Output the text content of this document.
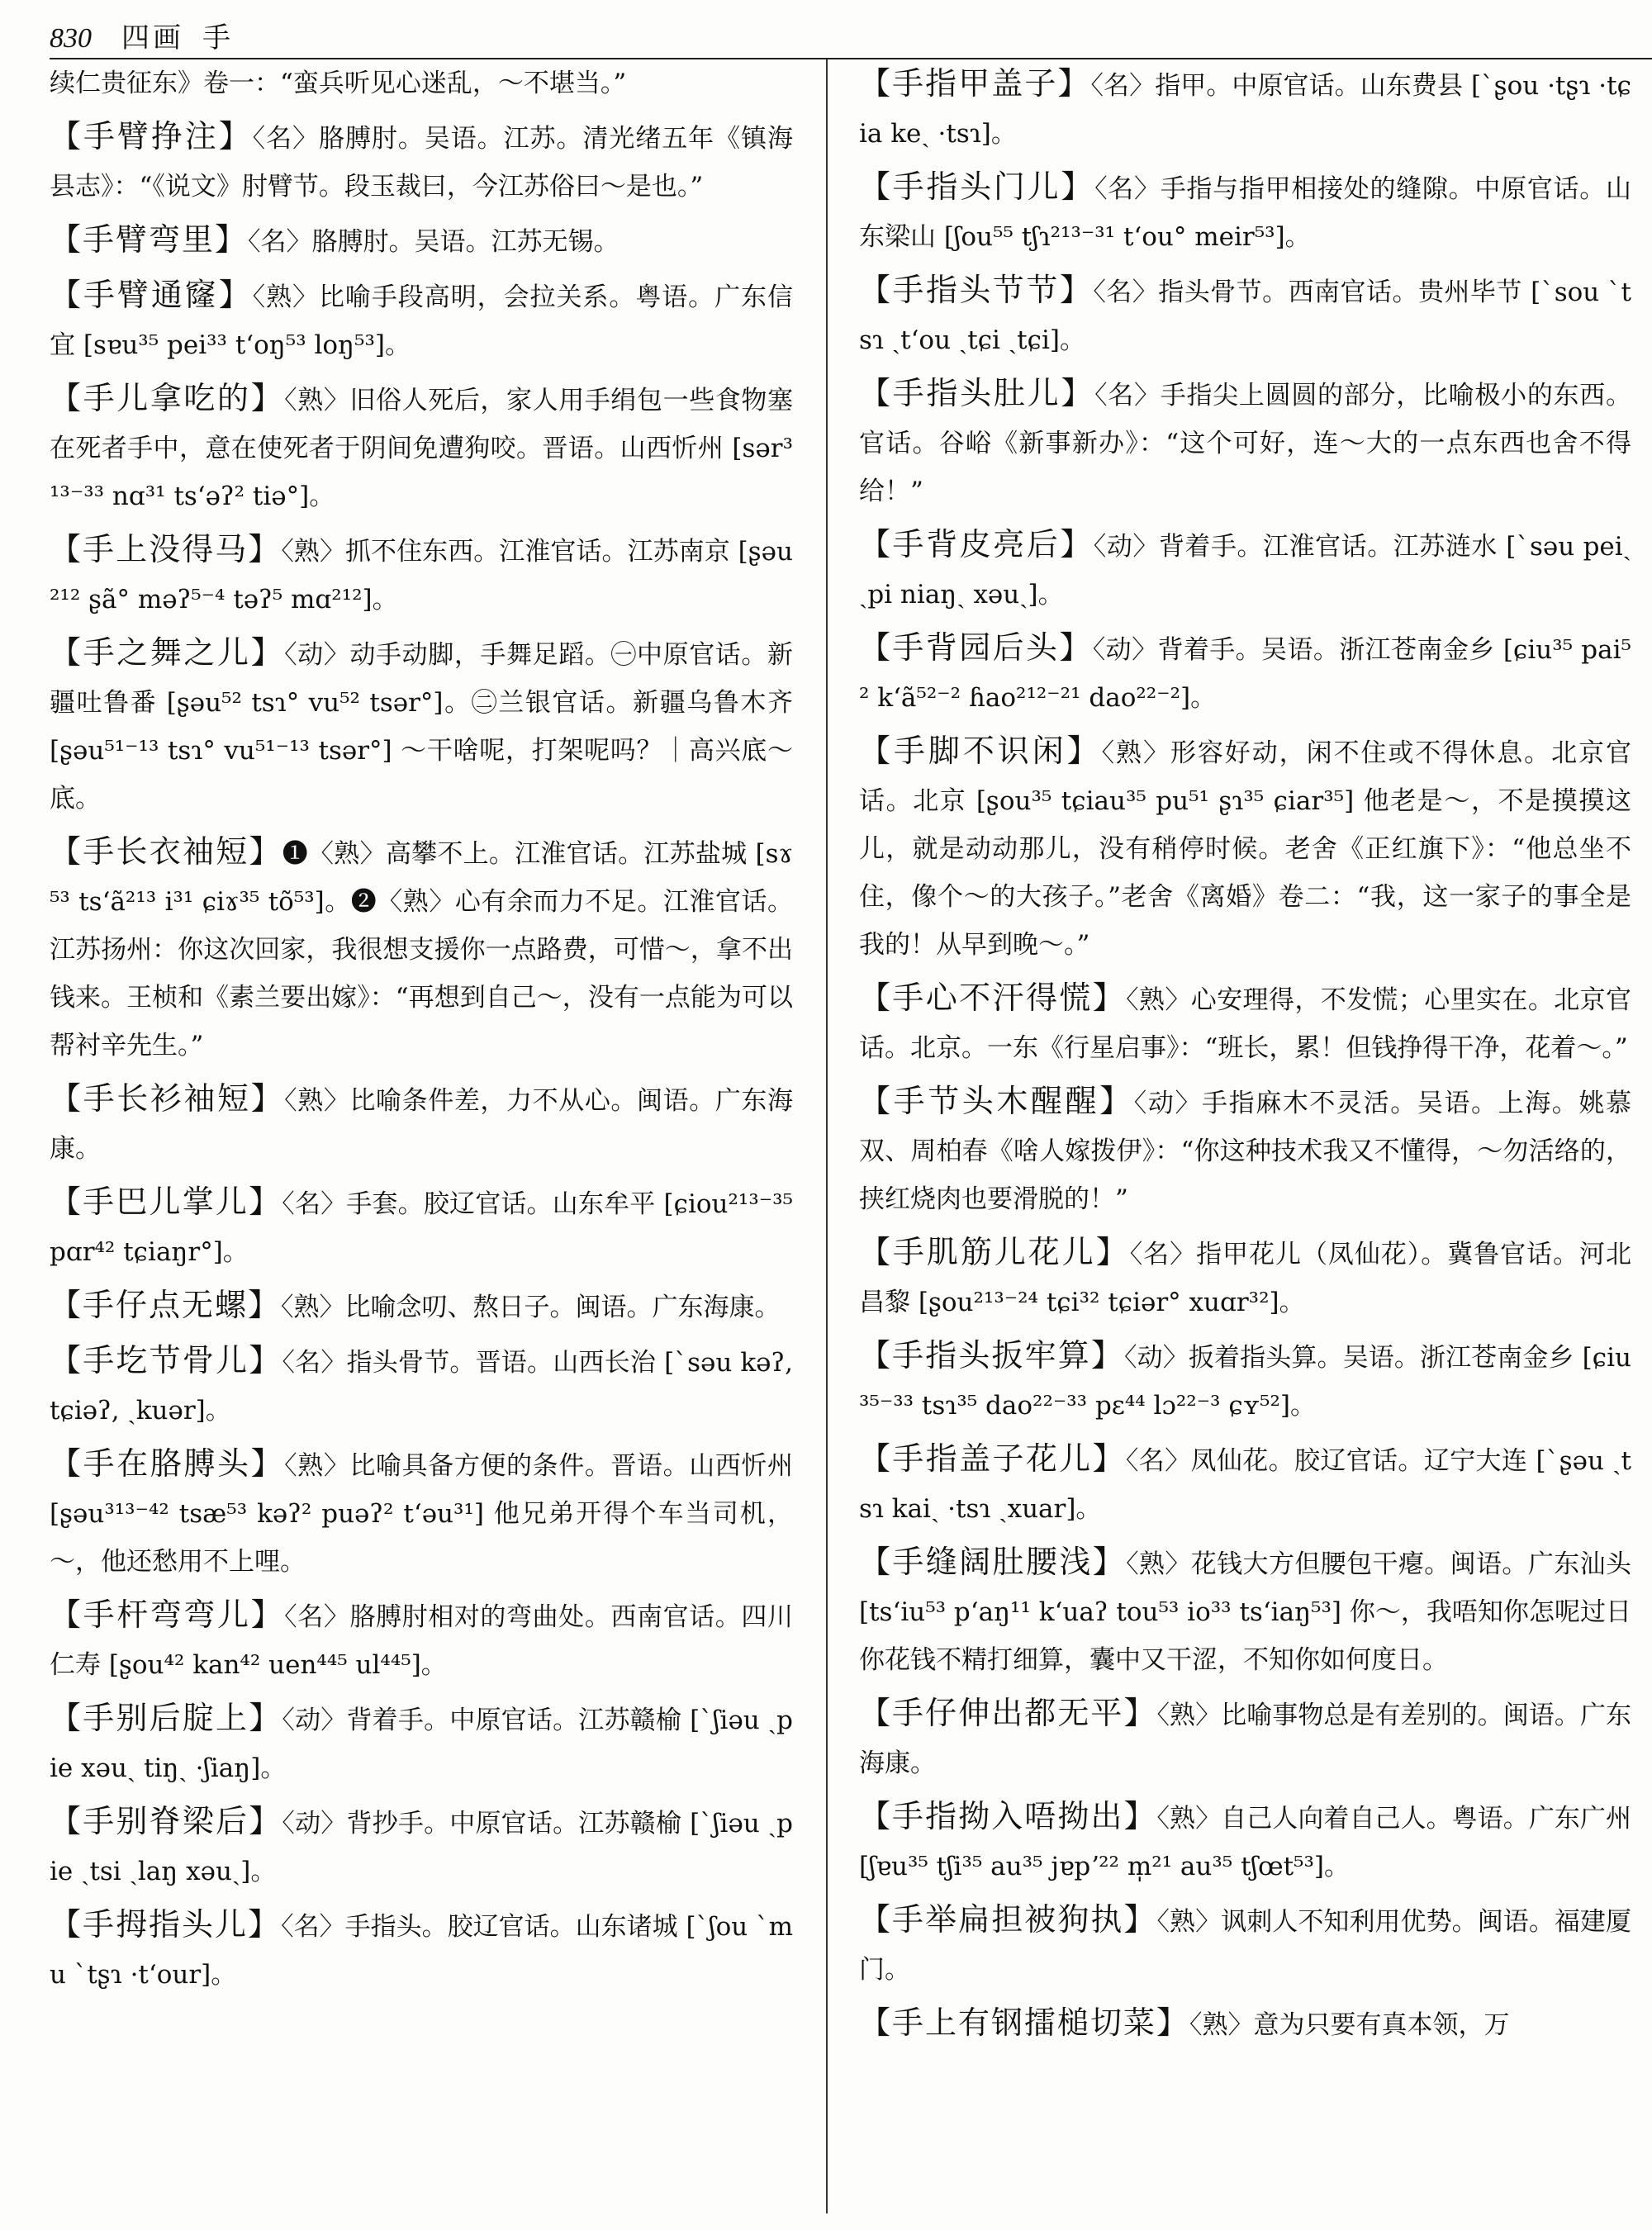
830 四画 手
续仁贵征东》卷一：“蛮兵听见心迷乱，～不堪当。”
【手臂挣注】〈名〉胳膊肘。吴语。江苏。清光绪五年《镇海县志》：“《说文》肘臂节。段玉裁曰，今江苏俗曰～是也。”
【手臂弯里】〈名〉胳膊肘。吴语。江苏无锡。
【手臂通窿】〈熟〉比喻手段高明，会拉关系。粤语。广东信宜 [sɐu³⁵ pei³³ tʻoŋ⁵³ loŋ⁵³]。
【手儿拿吃的】〈熟〉旧俗人死后，家人用手绢包一些食物塞在死者手中，意在使死者于阴间免遭狗咬。晋语。山西忻州 [sər³¹³⁻³³ nɑ³¹ tsʻəʔ² tiə°]。
【手上没得马】〈熟〉抓不住东西。江淮官话。江苏南京 [ʂəu²¹² ʂã° məʔ⁵⁻⁴ təʔ⁵ mɑ²¹²]。
【手之舞之儿】〈动〉动手动脚，手舞足蹈。㊀中原官话。新疆吐鲁番 [ʂəu⁵² tsɿ° vu⁵² tsər°]。㊁兰银官话。新疆乌鲁木齐 [ʂəu⁵¹⁻¹³ tsɿ° vu⁵¹⁻¹³ tsər°] ～干啥呢，打架呢吗？｜高兴底～底。
【手长衣袖短】❶〈熟〉高攀不上。江淮官话。江苏盐城 [sɤ⁵³ tsʻã²¹³ i³¹ ɕiɤ³⁵ tõ⁵³]。❷〈熟〉心有余而力不足。江淮官话。江苏扬州：你这次回家，我很想支援你一点路费，可惜～，拿不出钱来。王桢和《素兰要出嫁》：“再想到自己～，没有一点能为可以帮衬辛先生。”
【手长衫袖短】〈熟〉比喻条件差，力不从心。闽语。广东海康。
【手巴儿掌儿】〈名〉手套。胶辽官话。山东牟平 [ɕiou²¹³⁻³⁵ pɑr⁴² tɕiaŋr°]。
【手仔点无螺】〈熟〉比喻念叨、熬日子。闽语。广东海康。
【手圪节骨儿】〈名〉指头骨节。晋语。山西长治 [ˋsəu kəʔ, tɕiəʔ, ˏkuər]。
【手在胳膊头】〈熟〉比喻具备方便的条件。晋语。山西忻州 [ʂəu³¹³⁻⁴² tsæ⁵³ kəʔ² puəʔ² tʻəu³¹] 他兄弟开得个车当司机，～，他还愁用不上哩。
【手杆弯弯儿】〈名〉胳膊肘相对的弯曲处。西南官话。四川仁寿 [ʂou⁴² kan⁴² uen⁴⁴⁵ ul⁴⁴⁵]。
【手别后腚上】〈动〉背着手。中原官话。江苏赣榆 [ˋʃiəu ˏpie xəuˎ tiŋˎ ·ʃiaŋ]。
【手别脊梁后】〈动〉背抄手。中原官话。江苏赣榆 [ˋʃiəu ˏpie ˏtsi ˏlaŋ xəuˎ]。
【手拇指头儿】〈名〉手指头。胶辽官话。山东诸城 [ˋʃou ˋmu ˋtʂɿ ·tʻour]。
【手指甲盖子】〈名〉指甲。中原官话。山东费县 [ˋʂou ·tʂɿ ·tɕia keˎ ·tsɿ]。
【手指头门儿】〈名〉手指与指甲相接处的缝隙。中原官话。山东梁山 [ʃou⁵⁵ tʃɿ²¹³⁻³¹ tʻou° meir⁵³]。
【手指头节节】〈名〉指头骨节。西南官话。贵州毕节 [ˋsou ˋtsɿ ˏtʻou ˏtɕi ˏtɕi]。
【手指头肚儿】〈名〉手指尖上圆圆的部分，比喻极小的东西。官话。谷峪《新事新办》：“这个可好，连～大的一点东西也舍不得给！”
【手背皮亮后】〈动〉背着手。江淮官话。江苏涟水 [ˋsəu peiˎ ˏpi niaŋˎ xəuˎ]。
【手背园后头】〈动〉背着手。吴语。浙江苍南金乡 [ɕiu³⁵ pai⁵² kʻã⁵²⁻² ɦao²¹²⁻²¹ dao²²⁻²]。
【手脚不识闲】〈熟〉形容好动，闲不住或不得休息。北京官话。北京 [ʂou³⁵ tɕiau³⁵ pu⁵¹ ʂɿ³⁵ ɕiar³⁵] 他老是～，不是摸摸这儿，就是动动那儿，没有稍停时候。老舍《正红旗下》：“他总坐不住，像个～的大孩子。”老舍《离婚》卷二：“我，这一家子的事全是我的！从早到晚～。”
【手心不汗得慌】〈熟〉心安理得，不发慌；心里实在。北京官话。北京。一东《行星启事》：“班长，累！但钱挣得干净，花着～。”
【手节头木醒醒】〈动〉手指麻木不灵活。吴语。上海。姚慕双、周柏春《啥人嫁拨伊》：“你这种技术我又不懂得，～勿活络的，挟红烧肉也要滑脱的！”
【手肌筋儿花儿】〈名〉指甲花儿（凤仙花）。冀鲁官话。河北昌黎 [ʂou²¹³⁻²⁴ tɕi³² tɕiər° xuɑr³²]。
【手指头扳牢算】〈动〉扳着指头算。吴语。浙江苍南金乡 [ɕiu³⁵⁻³³ tsɿ³⁵ dao²²⁻³³ pɛ⁴⁴ lɔ²²⁻³ ɕʏ⁵²]。
【手指盖子花儿】〈名〉凤仙花。胶辽官话。辽宁大连 [ˋʂəu ˏtsɿ kaiˎ ·tsɿ ˏxuar]。
【手缝阔肚腰浅】〈熟〉花钱大方但腰包干瘪。闽语。广东汕头 [tsʻiu⁵³ pʻaŋ¹¹ kʻuaʔ tou⁵³ io³³ tsʻiaŋ⁵³] 你～，我唔知你怎呢过日 你花钱不精打细算，囊中又干涩，不知你如何度日。
【手仔伸出都无平】〈熟〉比喻事物总是有差别的。闽语。广东海康。
【手指拗入唔拗出】〈熟〉自己人向着自己人。粤语。广东广州 [ʃɐu³⁵ tʃi³⁵ au³⁵ jɐpʼ²² m̩²¹ au³⁵ tʃœt⁵³]。
【手举扁担被狗执】〈熟〉讽刺人不知利用优势。闽语。福建厦门。
【手上有钢擂槌切菜】〈熟〉意为只要有真本领，万
